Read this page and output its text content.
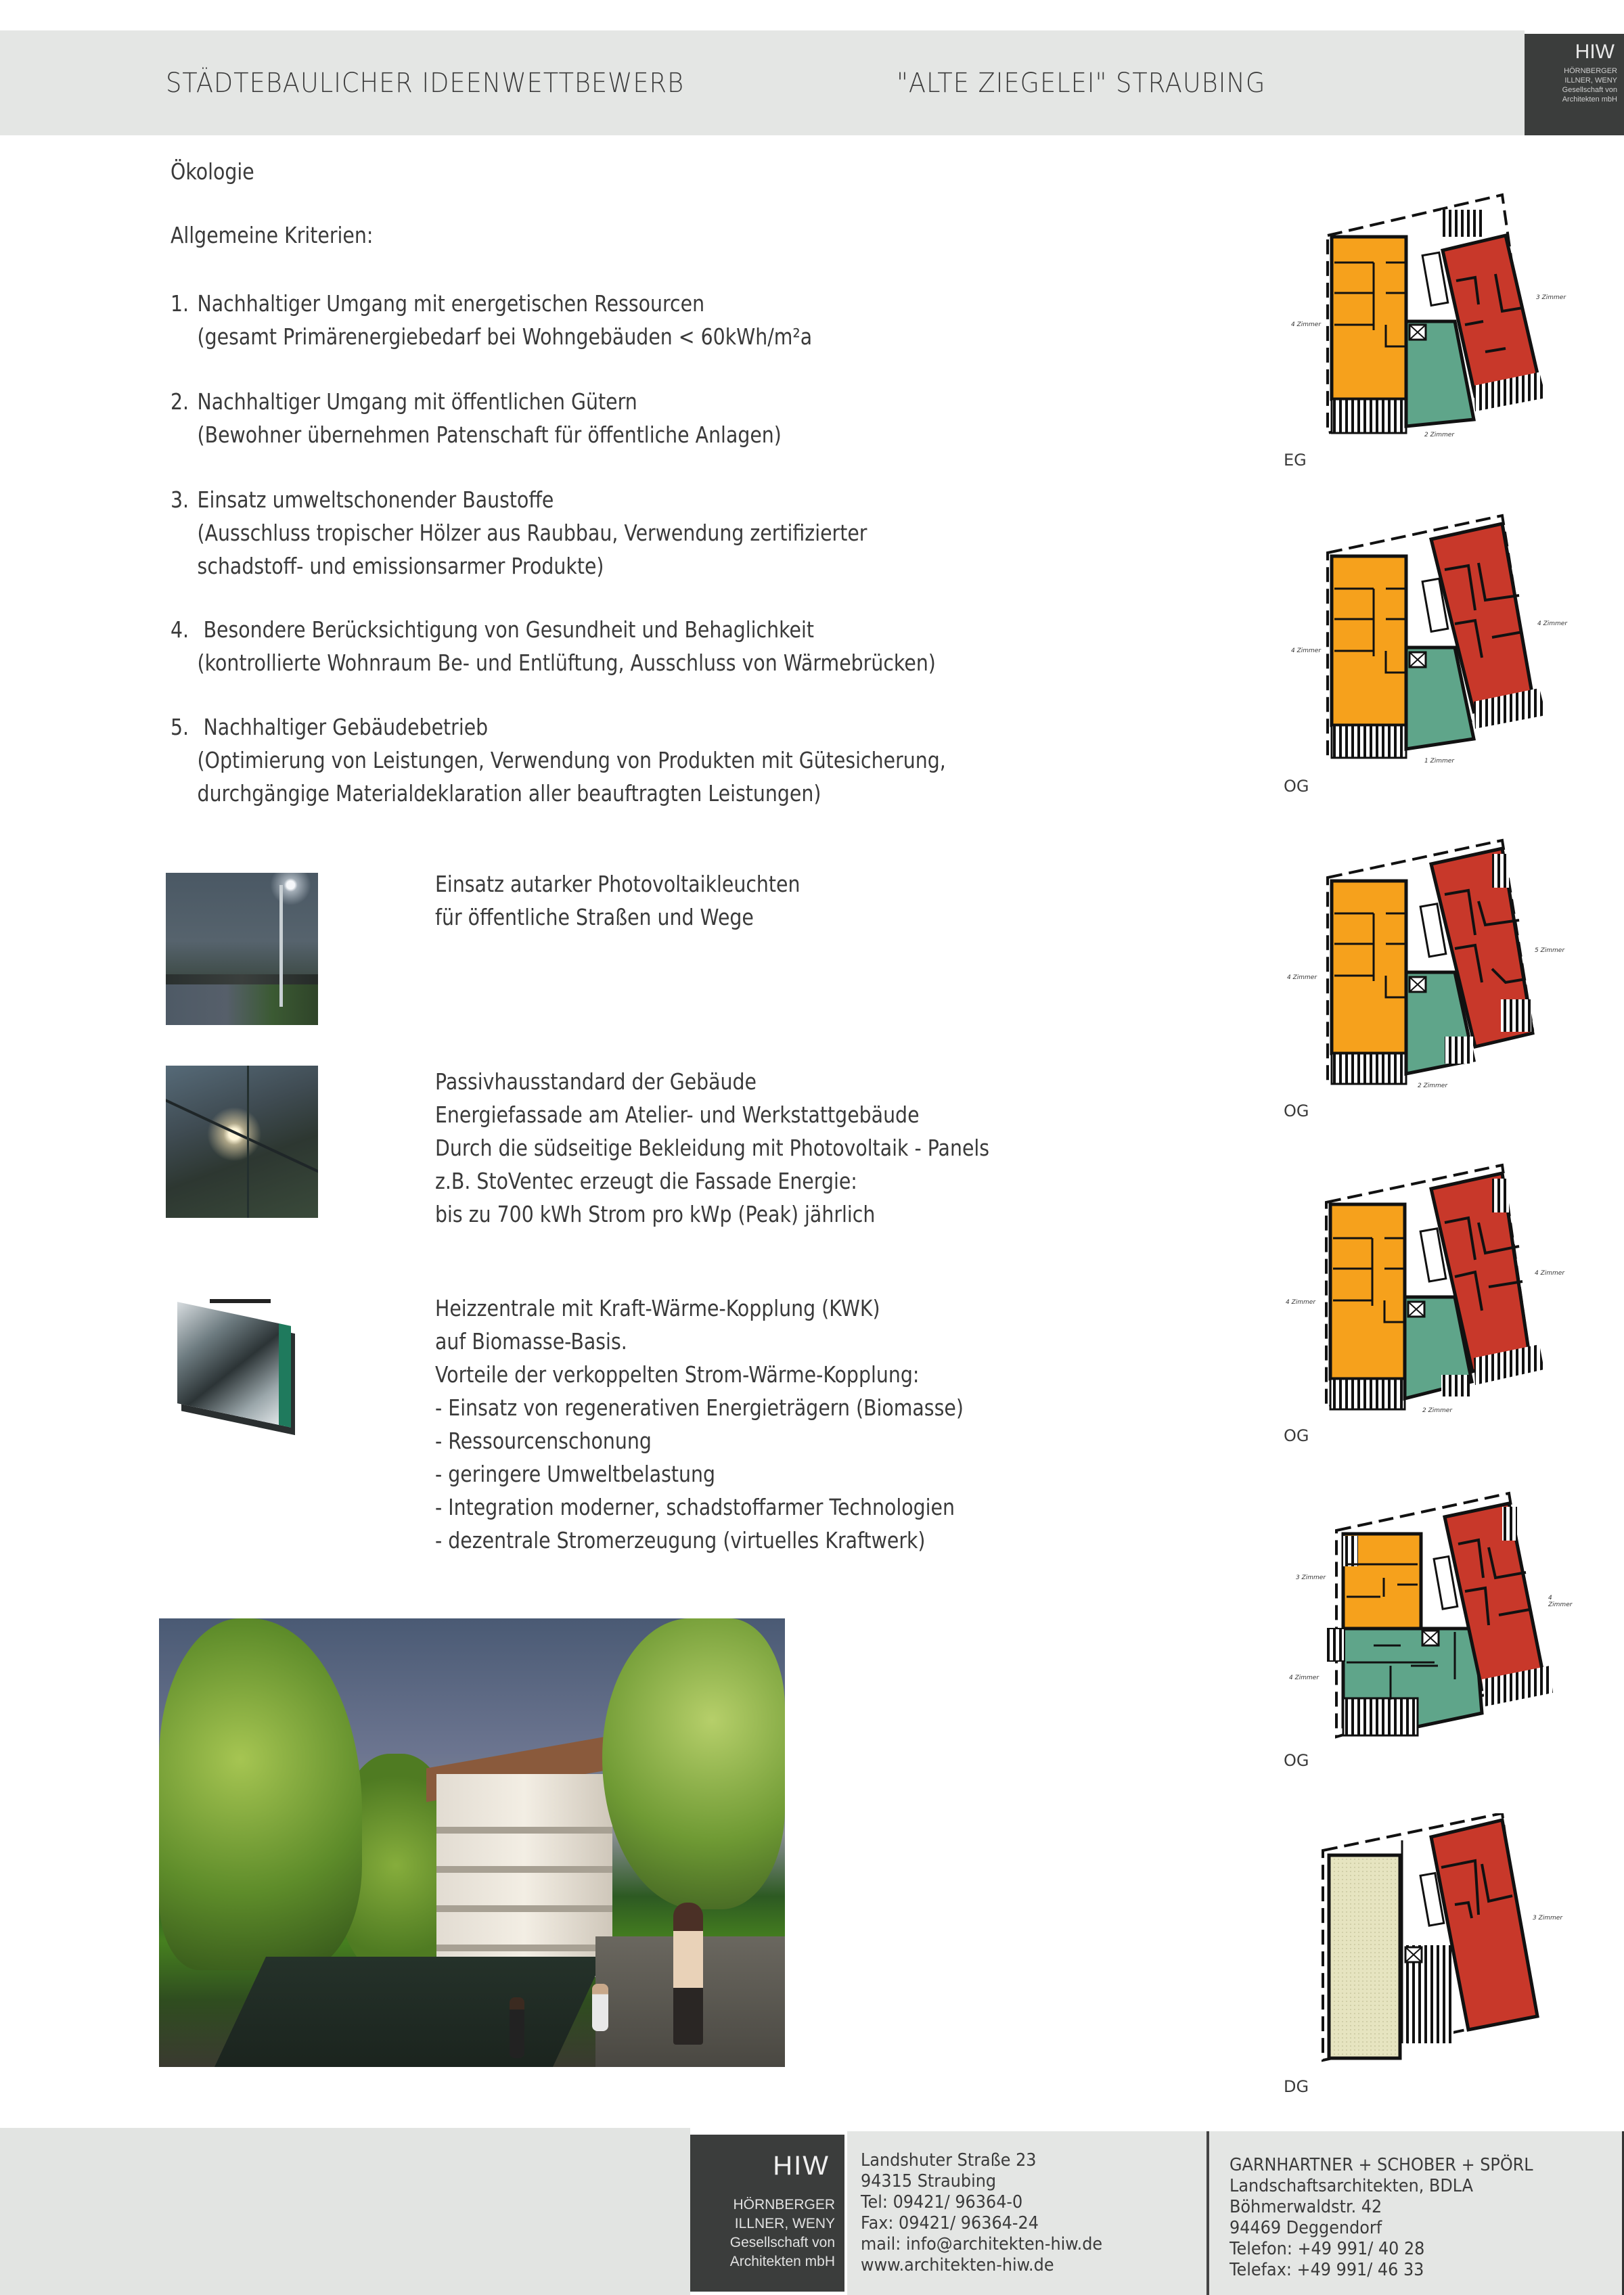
STÄDTEBAULICHER IDEENWETTBEWERB	"ALTE ZIEGELEI" STRAUBING
HIW
HÖRNBERGER
ILLNER, WENY
Gesellschaft von
Architekten mbH
Ökologie
Allgemeine Kriterien:
1. Nachhaltiger Umgang mit energetischen Ressourcen
(gesamt Primärenergiebedarf bei Wohngebäuden < 60kWh/m²a
2. Nachhaltiger Umgang mit öffentlichen Gütern
(Bewohner übernehmen Patenschaft für öffentliche Anlagen)
3. Einsatz umweltschonender Baustoffe
(Ausschluss tropischer Hölzer aus Raubbau, Verwendung zertifizierter
schadstoff- und emissionsarmer Produkte)
4. Besondere Berücksichtigung von Gesundheit und Behaglichkeit
(kontrollierte Wohnraum Be- und Entlüftung, Ausschluss von Wärmebrücken)
5. Nachhaltiger Gebäudebetrieb
(Optimierung von Leistungen, Verwendung von Produkten mit Gütesicherung,
durchgängige Materialdeklaration aller beauftragten Leistungen)
Einsatz autarker Photovoltaikleuchten
für öffentliche Straßen und Wege
Passivhausstandard der Gebäude
Energiefassade am Atelier- und Werkstattgebäude
Durch die südseitige Bekleidung mit Photovoltaik - Panels
z.B. StoVentec erzeugt die Fassade Energie:
bis zu 700 kWh Strom pro kWp (Peak) jährlich
Heizzentrale mit Kraft-Wärme-Kopplung (KWK)
auf Biomasse-Basis.
Vorteile der verkoppelten Strom-Wärme-Kopplung:
- Einsatz von regenerativen Energieträgern (Biomasse)
- Ressourcenschonung
- geringere Umweltbelastung
- Integration moderner, schadstoffarmer Technologien
- dezentrale Stromerzeugung (virtuelles Kraftwerk)
4 Zimmer
3 Zimmer
2 Zimmer
EG
4 Zimmer
4 Zimmer
1 Zimmer
OG
4 Zimmer
5 Zimmer
2 Zimmer
OG
4 Zimmer
4 Zimmer
2 Zimmer
OG
3 Zimmer
4 Zimmer
4 Zimmer
OG
3 Zimmer
DG
HIW
HÖRNBERGER
ILLNER, WENY
Gesellschaft von
Architekten mbH
Landshuter Straße 23
94315 Straubing
Tel: 09421/ 96364-0
Fax: 09421/ 96364-24
mail: info@architekten-hiw.de
www.architekten-hiw.de
GARNHARTNER + SCHOBER + SPÖRL
Landschaftsarchitekten, BDLA
Böhmerwaldstr. 42
94469 Deggendorf
Telefon: +49 991/ 40 28
Telefax: +49 991/ 46 33
